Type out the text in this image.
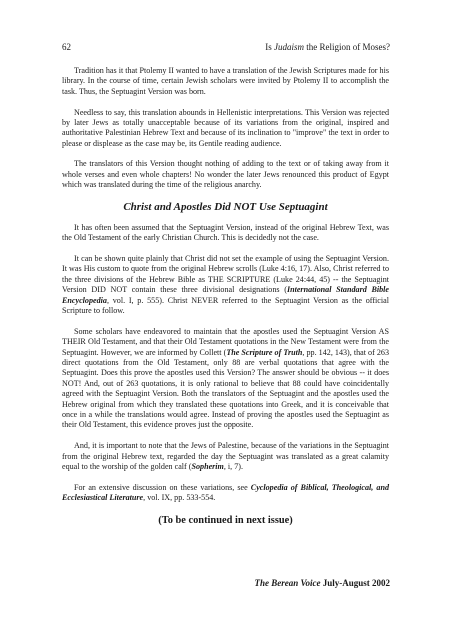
62	Is Judaism the Religion of Moses?

Tradition has it that Ptolemy II wanted to have a translation of the Jewish Scriptures made for his library. In the course of time, certain Jewish scholars were invited by Ptolemy II to accomplish the task. Thus, the Septuagint Version was born.

Needless to say, this translation abounds in Hellenistic interpretations. This Version was rejected by later Jews as totally unacceptable because of its variations from the original, inspired and authoritative Palestinian Hebrew Text and because of its inclination to "improve" the text in order to please or displease as the case may be, its Gentile reading audience.

The translators of this Version thought nothing of adding to the text or of taking away from it whole verses and even whole chapters! No wonder the later Jews renounced this product of Egypt which was translated during the time of the religious anarchy.

Christ and Apostles Did NOT Use Septuagint

It has often been assumed that the Septuagint Version, instead of the original Hebrew Text, was the Old Testament of the early Christian Church. This is decidedly not the case.

It can be shown quite plainly that Christ did not set the example of using the Septuagint Version. It was His custom to quote from the original Hebrew scrolls (Luke 4:16, 17). Also, Christ referred to the three divisions of the Hebrew Bible as THE SCRIPTURE (Luke 24:44, 45) -- the Septuagint Version DID NOT contain these three divisional designations (International Standard Bible Encyclopedia, vol. I, p. 555). Christ NEVER referred to the Septuagint Version as the official Scripture to follow.

Some scholars have endeavored to maintain that the apostles used the Septuagint Version AS THEIR Old Testament, and that their Old Testament quotations in the New Testament were from the Septuagint. However, we are informed by Collett (The Scripture of Truth, pp. 142, 143), that of 263 direct quotations from the Old Testament, only 88 are verbal quotations that agree with the Septuagint. Does this prove the apostles used this Version? The answer should be obvious -- it does NOT! And, out of 263 quotations, it is only rational to believe that 88 could have coincidentally agreed with the Septuagint Version. Both the translators of the Septuagint and the apostles used the Hebrew original from which they translated these quotations into Greek, and it is conceivable that once in a while the translations would agree. Instead of proving the apostles used the Septuagint as their Old Testament, this evidence proves just the opposite.

And, it is important to note that the Jews of Palestine, because of the variations in the Septuagint from the original Hebrew text, regarded the day the Septuagint was translated as a great calamity equal to the worship of the golden calf (Sopherim, i, 7).

For an extensive discussion on these variations, see Cyclopedia of Biblical, Theological, and Ecclesiastical Literature, vol. IX, pp. 533-554.

(To be continued in next issue)

The Berean Voice July-August 2002
